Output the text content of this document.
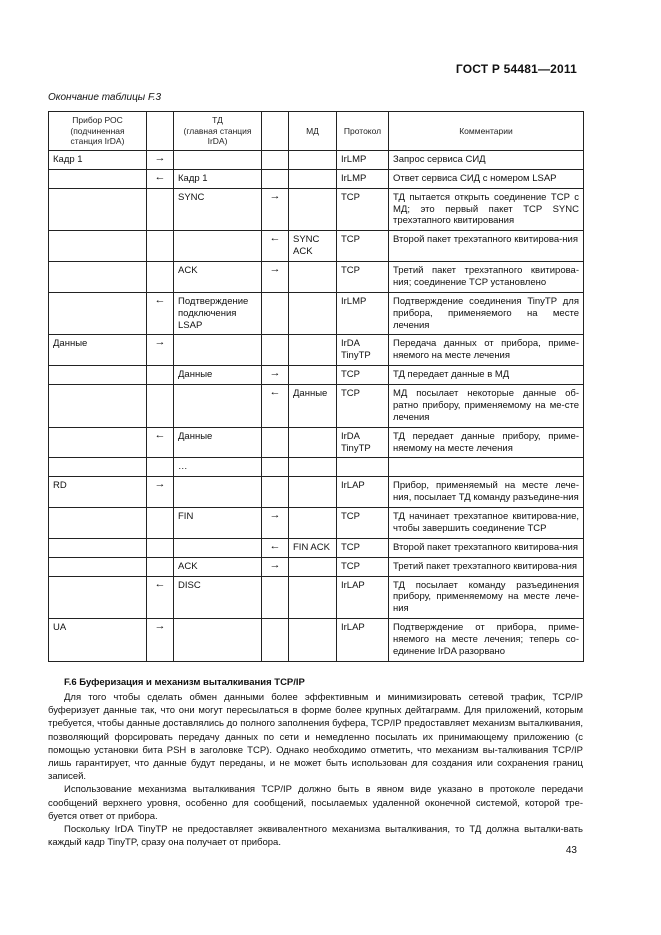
ГОСТ Р 54481—2011
Окончание таблицы F.3
Прибор РОС
(подчиненная
станция IrDA)		ТД
(главная станция
IrDA)		МД	Протокол	Комментарии
Кадр 1	→				IrLMP	Запрос сервиса СИД
	←	Кадр 1			IrLMP	Ответ сервиса СИД с номером LSAP
		SYNC	→		TCP	ТД пытается открыть соединение TCP с МД; это первый пакет TCP SYNC трехэтапного квитирования
			←	SYNC ACK	TCP	Второй пакет трехэтапного квитирова-ния
		ACK	→		TCP	Третий пакет трехэтапного квитирова-ния; соединение TCP установлено
	←	Подтверждение подключения LSAP			IrLMP	Подтверждение соединения TinyTP для прибора, применяемого на месте лечения
Данные	→				IrDA TinyTP	Передача данных от прибора, приме-няемого на месте лечения
		Данные	→		TCP	ТД передает данные в МД
			←	Данные	TCP	МД посылает некоторые данные об-ратно прибору, применяемому на ме-сте лечения
	←	Данные			IrDA TinyTP	ТД передает данные прибору, приме-няемому на месте лечения
		…				
RD	→				IrLAP	Прибор, применяемый на месте лече-ния, посылает ТД команду разъедине-ния
		FIN	→		TCP	ТД начинает трехэтапное квитирова-ние, чтобы завершить соединение TCP
			←	FIN ACK	TCP	Второй пакет трехэтапного квитирова-ния
		ACK	→		TCP	Третий пакет трехэтапного квитирова-ния
	←	DISC			IrLAP	ТД посылает команду разъединения прибору, применяемому на месте лече-ния
UA	→				IrLAP	Подтверждение от прибора, приме-няемого на месте лечения; теперь со-единение IrDA разорвано
F.6 Буферизация и механизм выталкивания TCP/IP

Для того чтобы сделать обмен данными более эффективным и минимизировать сетевой трафик, TCP/IP буферизует данные так, что они могут пересылаться в форме более крупных дейтаграмм. Для приложений, которым требуется, чтобы данные доставлялись до полного заполнения буфера, TCP/IP предоставляет механизм выталкивания, позволяющий форсировать передачу данных по сети и немедленно посылать их принимающему приложению (с помощью установки бита PSH в заголовке TCP). Однако необходимо отметить, что механизм вы-талкивания TCP/IP лишь гарантирует, что данные будут переданы, и не может быть использован для создания или сохранения границ записей.

Использование механизма выталкивания TCP/IP должно быть в явном виде указано в протоколе передачи сообщений верхнего уровня, особенно для сообщений, посылаемых удаленной оконечной системой, которой тре-буется ответ от прибора.

Поскольку IrDA TinyTP не предоставляет эквивалентного механизма выталкивания, то ТД должна выталки-вать каждый кадр TinyTP, сразу она получает от прибора.

43
